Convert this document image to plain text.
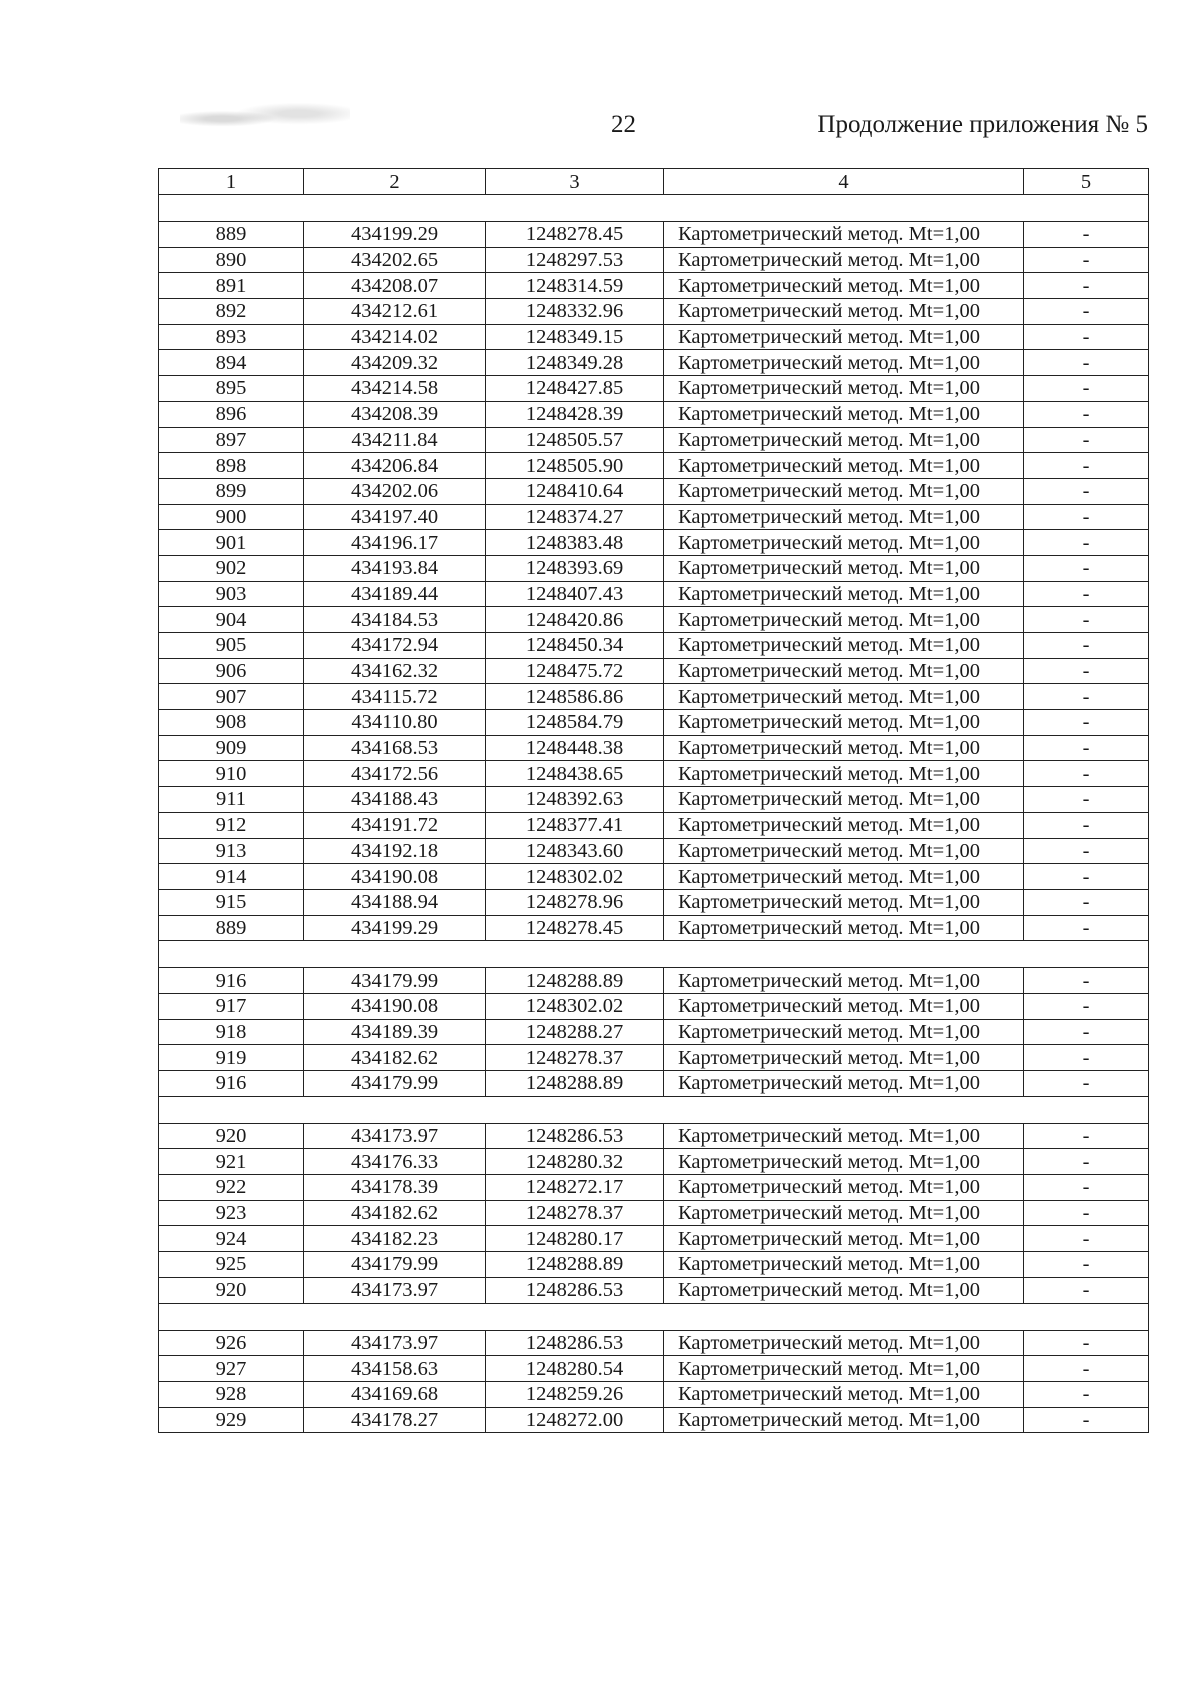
22	Продолжение приложения № 5
1	2	3	4	5

889	434199.29	1248278.45	Картометрический метод. Mt=1,00	-
890	434202.65	1248297.53	Картометрический метод. Mt=1,00	-
891	434208.07	1248314.59	Картометрический метод. Mt=1,00	-
892	434212.61	1248332.96	Картометрический метод. Mt=1,00	-
893	434214.02	1248349.15	Картометрический метод. Mt=1,00	-
894	434209.32	1248349.28	Картометрический метод. Mt=1,00	-
895	434214.58	1248427.85	Картометрический метод. Mt=1,00	-
896	434208.39	1248428.39	Картометрический метод. Mt=1,00	-
897	434211.84	1248505.57	Картометрический метод. Mt=1,00	-
898	434206.84	1248505.90	Картометрический метод. Mt=1,00	-
899	434202.06	1248410.64	Картометрический метод. Mt=1,00	-
900	434197.40	1248374.27	Картометрический метод. Mt=1,00	-
901	434196.17	1248383.48	Картометрический метод. Mt=1,00	-
902	434193.84	1248393.69	Картометрический метод. Mt=1,00	-
903	434189.44	1248407.43	Картометрический метод. Mt=1,00	-
904	434184.53	1248420.86	Картометрический метод. Mt=1,00	-
905	434172.94	1248450.34	Картометрический метод. Mt=1,00	-
906	434162.32	1248475.72	Картометрический метод. Mt=1,00	-
907	434115.72	1248586.86	Картометрический метод. Mt=1,00	-
908	434110.80	1248584.79	Картометрический метод. Mt=1,00	-
909	434168.53	1248448.38	Картометрический метод. Mt=1,00	-
910	434172.56	1248438.65	Картометрический метод. Mt=1,00	-
911	434188.43	1248392.63	Картометрический метод. Mt=1,00	-
912	434191.72	1248377.41	Картометрический метод. Mt=1,00	-
913	434192.18	1248343.60	Картометрический метод. Mt=1,00	-
914	434190.08	1248302.02	Картометрический метод. Mt=1,00	-
915	434188.94	1248278.96	Картометрический метод. Mt=1,00	-
889	434199.29	1248278.45	Картометрический метод. Mt=1,00	-

916	434179.99	1248288.89	Картометрический метод. Mt=1,00	-
917	434190.08	1248302.02	Картометрический метод. Mt=1,00	-
918	434189.39	1248288.27	Картометрический метод. Mt=1,00	-
919	434182.62	1248278.37	Картометрический метод. Mt=1,00	-
916	434179.99	1248288.89	Картометрический метод. Mt=1,00	-

920	434173.97	1248286.53	Картометрический метод. Mt=1,00	-
921	434176.33	1248280.32	Картометрический метод. Mt=1,00	-
922	434178.39	1248272.17	Картометрический метод. Mt=1,00	-
923	434182.62	1248278.37	Картометрический метод. Mt=1,00	-
924	434182.23	1248280.17	Картометрический метод. Mt=1,00	-
925	434179.99	1248288.89	Картометрический метод. Mt=1,00	-
920	434173.97	1248286.53	Картометрический метод. Mt=1,00	-

926	434173.97	1248286.53	Картометрический метод. Mt=1,00	-
927	434158.63	1248280.54	Картометрический метод. Mt=1,00	-
928	434169.68	1248259.26	Картометрический метод. Mt=1,00	-
929	434178.27	1248272.00	Картометрический метод. Mt=1,00	-
